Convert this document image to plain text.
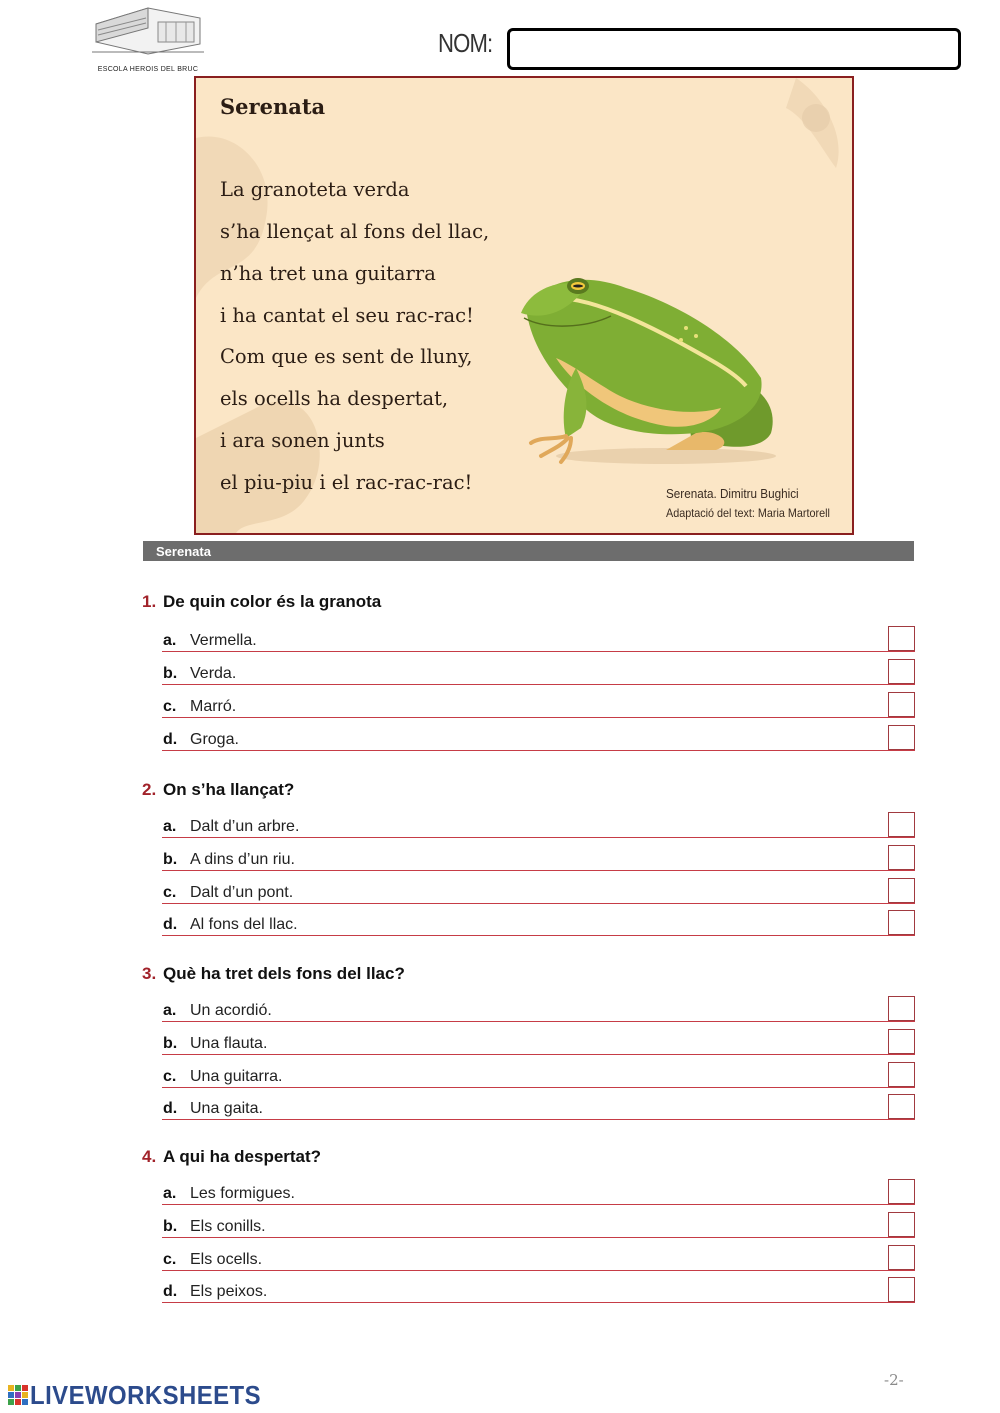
ESCOLA HEROIS DEL BRUC
NOM:
Serenata
La granoteta verda
s’ha llençat al fons del llac,
n’ha tret una guitarra
i ha cantat el seu rac-rac!
Com que es sent de lluny,
els ocells ha despertat,
i ara sonen junts
el piu-piu i el rac-rac-rac!	Serenata. Dimitru Bughici
Adaptació del text: Maria Martorell
Serenata
1. De quin color és la granota
a. Vermella.
b. Verda.
c. Marró.
d. Groga.
2. On s’ha llançat?
a. Dalt d’un arbre.
b. A dins d’un riu.
c. Dalt d’un pont.
d. Al fons del llac.
3. Què ha tret dels fons del llac?
a. Un acordió.
b. Una flauta.
c. Una guitarra.
d. Una gaita.
4. A qui ha despertat?
a. Les formigues.
b. Els conills.
c. Els ocells.
d. Els peixos.
-2-
LIVEWORKSHEETS
